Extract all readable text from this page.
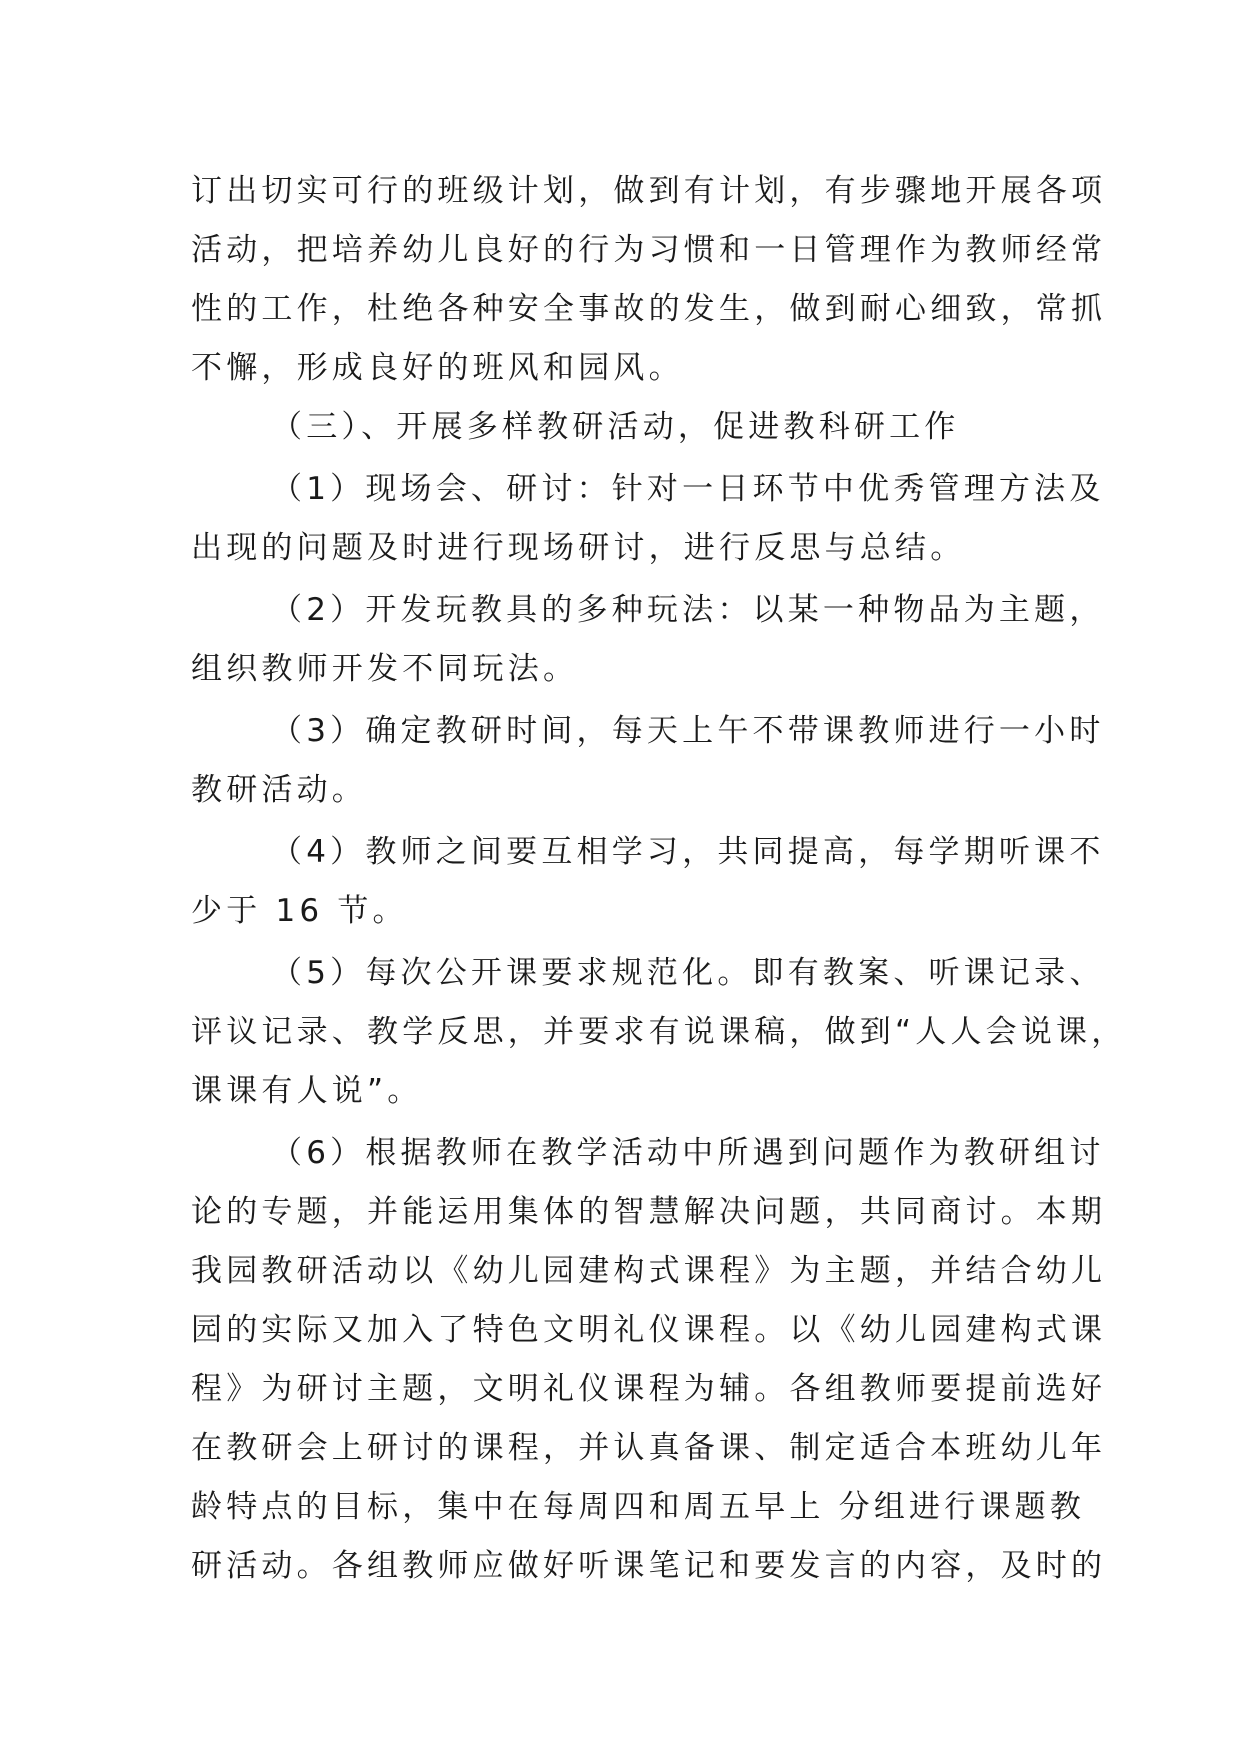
订出切实可行的班级计划，做到有计划，有步骤地开展各项
活动，把培养幼儿良好的行为习惯和一日管理作为教师经常
性的工作，杜绝各种安全事故的发生，做到耐心细致，常抓
不懈，形成良好的班风和园风。
（三）、开展多样教研活动，促进教科研工作
（1）现场会、研讨：针对一日环节中优秀管理方法及
出现的问题及时进行现场研讨，进行反思与总结。
（2）开发玩教具的多种玩法：以某一种物品为主题，
组织教师开发不同玩法。
（3）确定教研时间，每天上午不带课教师进行一小时
教研活动。
（4）教师之间要互相学习，共同提高，每学期听课不
少于 16 节。
（5）每次公开课要求规范化。即有教案、听课记录、
评议记录、教学反思，并要求有说课稿，做到“人人会说课，
课课有人说”。
（6）根据教师在教学活动中所遇到问题作为教研组讨
论的专题，并能运用集体的智慧解决问题，共同商讨。本期
我园教研活动以《幼儿园建构式课程》为主题，并结合幼儿
园的实际又加入了特色文明礼仪课程。以《幼儿园建构式课
程》为研讨主题，文明礼仪课程为辅。各组教师要提前选好
在教研会上研讨的课程，并认真备课、制定适合本班幼儿年
龄特点的目标，集中在每周四和周五早上 分组进行课题教
研活动。各组教师应做好听课笔记和要发言的内容，及时的
